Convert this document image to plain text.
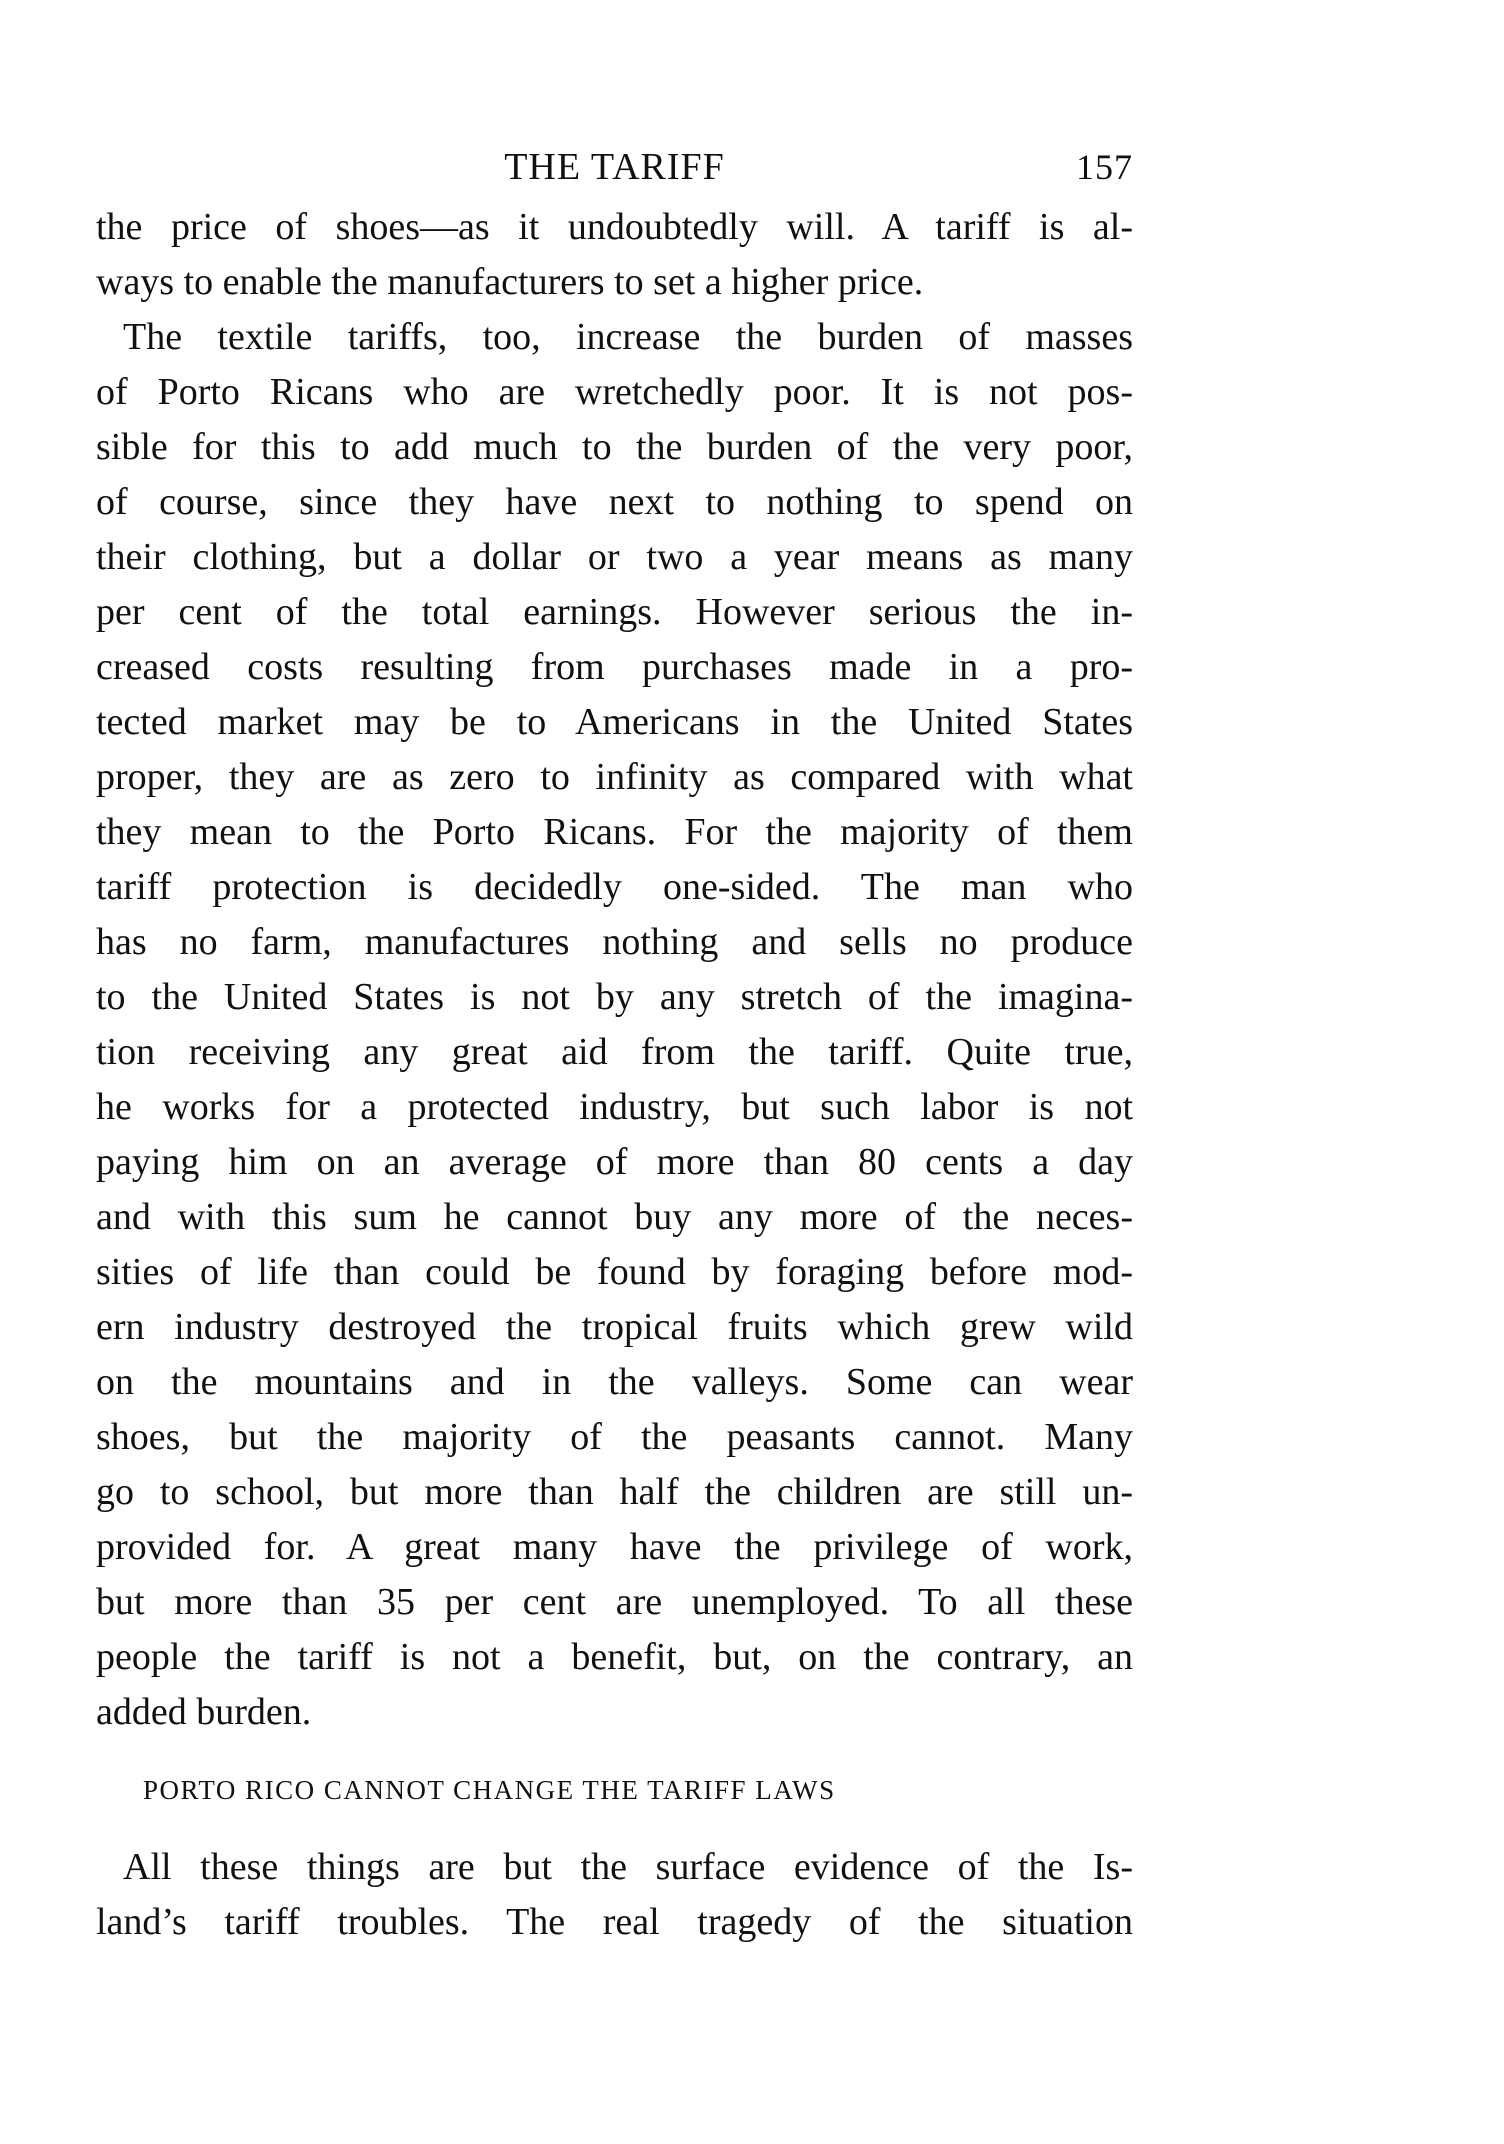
THE TARIFF	157
the price of shoes—as it undoubtedly will. A tariff is al-
ways to enable the manufacturers to set a higher price.
The textile tariffs, too, increase the burden of masses
of Porto Ricans who are wretchedly poor. It is not pos-
sible for this to add much to the burden of the very poor,
of course, since they have next to nothing to spend on
their clothing, but a dollar or two a year means as many
per cent of the total earnings. However serious the in-
creased costs resulting from purchases made in a pro-
tected market may be to Americans in the United States
proper, they are as zero to infinity as compared with what
they mean to the Porto Ricans. For the majority of them
tariff protection is decidedly one-sided. The man who
has no farm, manufactures nothing and sells no produce
to the United States is not by any stretch of the imagina-
tion receiving any great aid from the tariff. Quite true,
he works for a protected industry, but such labor is not
paying him on an average of more than 80 cents a day
and with this sum he cannot buy any more of the neces-
sities of life than could be found by foraging before mod-
ern industry destroyed the tropical fruits which grew wild
on the mountains and in the valleys. Some can wear
shoes, but the majority of the peasants cannot. Many
go to school, but more than half the children are still un-
provided for. A great many have the privilege of work,
but more than 35 per cent are unemployed. To all these
people the tariff is not a benefit, but, on the contrary, an
added burden.
PORTO RICO CANNOT CHANGE THE TARIFF LAWS
All these things are but the surface evidence of the Is-
land’s tariff troubles. The real tragedy of the situation
